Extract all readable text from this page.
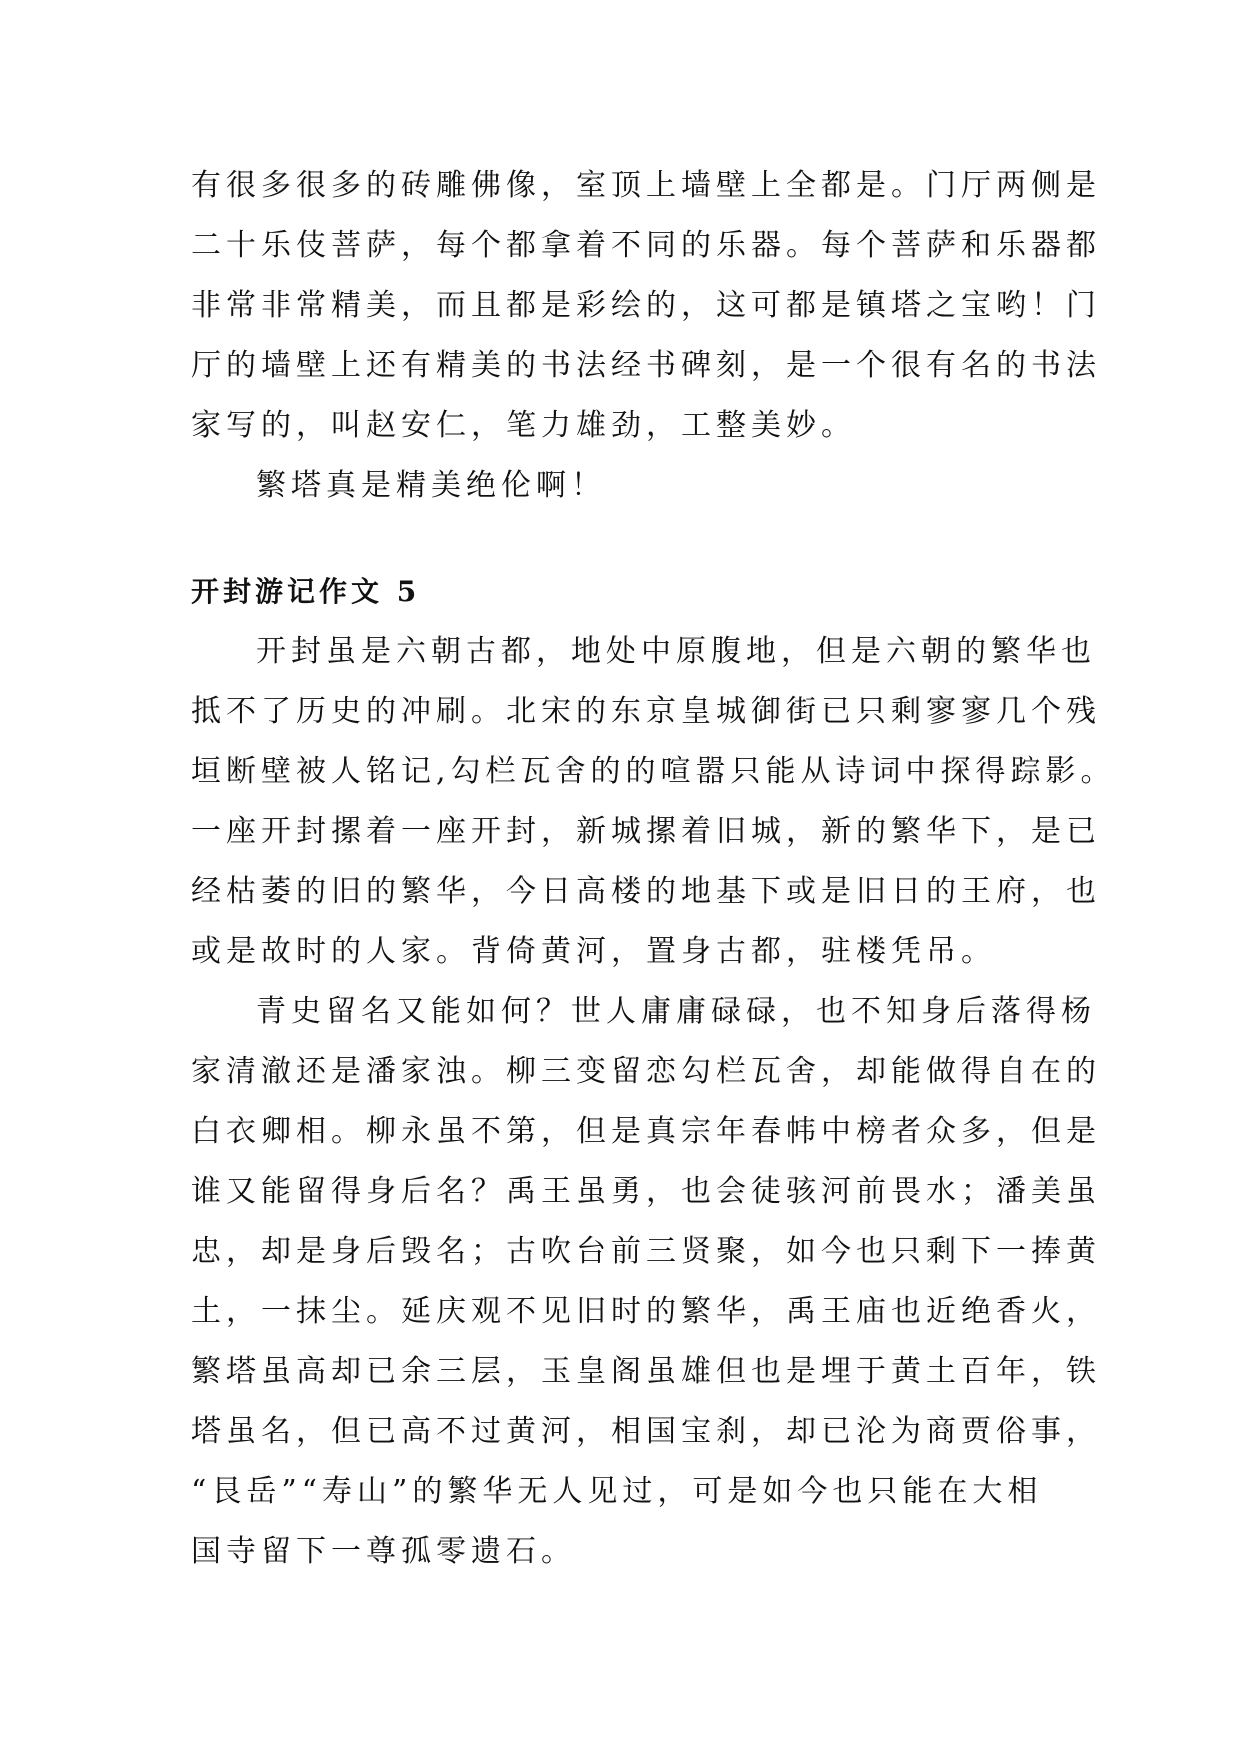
有很多很多的砖雕佛像，室顶上墙壁上全都是。门厅两侧是

二十乐伎菩萨，每个都拿着不同的乐器。每个菩萨和乐器都

非常非常精美，而且都是彩绘的，这可都是镇塔之宝哟！门

厅的墙壁上还有精美的书法经书碑刻，是一个很有名的书法

家写的，叫赵安仁，笔力雄劲，工整美妙。

繁塔真是精美绝伦啊！

开封游记作文 5

开封虽是六朝古都，地处中原腹地，但是六朝的繁华也

抵不了历史的冲刷。北宋的东京皇城御街已只剩寥寥几个残

垣断壁被人铭记,勾栏瓦舍的的喧嚣只能从诗词中探得踪影。

一座开封摞着一座开封，新城摞着旧城，新的繁华下，是已

经枯萎的旧的繁华，今日高楼的地基下或是旧日的王府，也

或是故时的人家。背倚黄河，置身古都，驻楼凭吊。

青史留名又能如何？世人庸庸碌碌，也不知身后落得杨

家清澈还是潘家浊。柳三变留恋勾栏瓦舍，却能做得自在的

白衣卿相。柳永虽不第，但是真宗年春帏中榜者众多，但是

谁又能留得身后名？禹王虽勇，也会徒骇河前畏水；潘美虽

忠，却是身后毁名；古吹台前三贤聚，如今也只剩下一捧黄

土，一抹尘。延庆观不见旧时的繁华，禹王庙也近绝香火，

繁塔虽高却已余三层，玉皇阁虽雄但也是埋于黄土百年，铁

塔虽名，但已高不过黄河，相国宝刹，却已沦为商贾俗事，

“艮岳”“寿山”的繁华无人见过，可是如今也只能在大相

国寺留下一尊孤零遗石。
